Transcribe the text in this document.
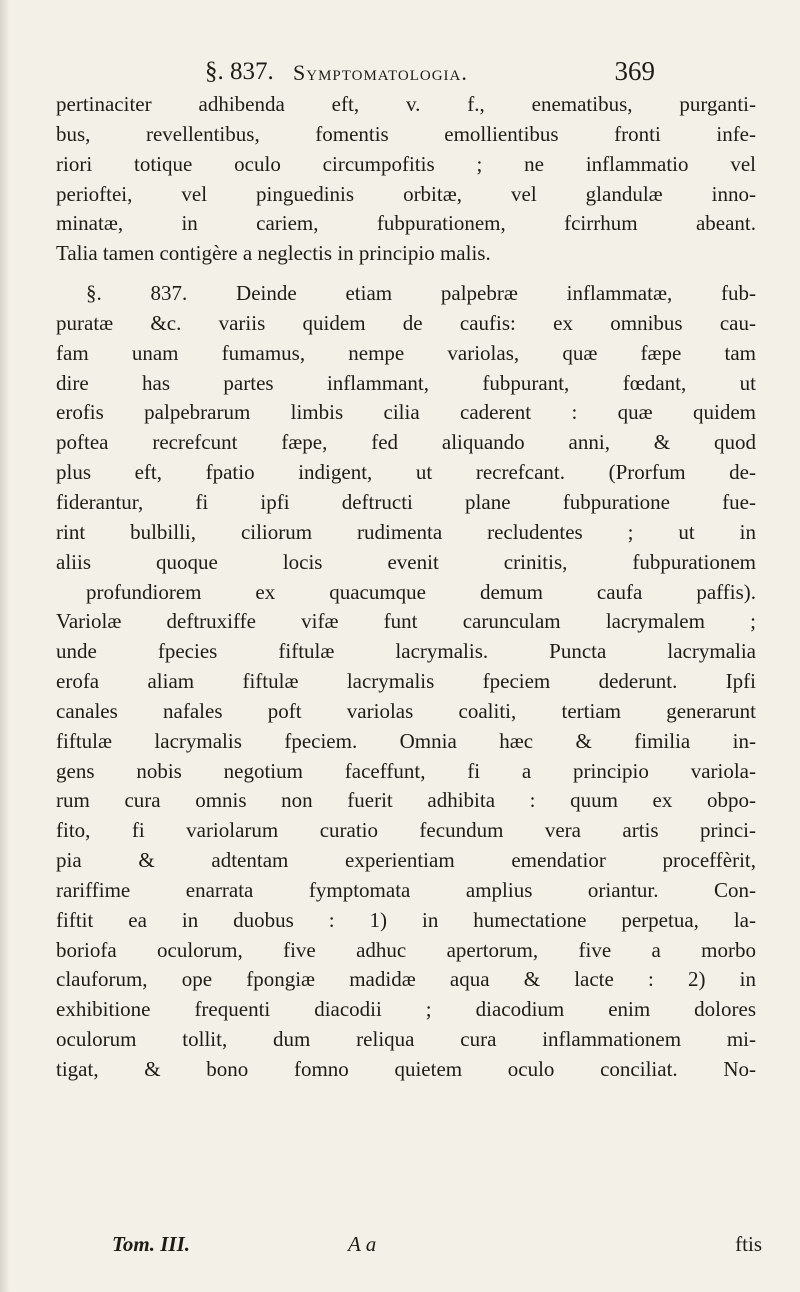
§. 837. Symptomatologia.	369
pertinaciter adhibenda eft, v. f., enematibus, purganti-
bus, revellentibus, fomentis emollientibus fronti infe-
riori totique oculo circumpofitis ; ne inflammatio vel
perioftei, vel pinguedinis orbitæ, vel glandulæ inno-
minatæ, in cariem, fubpurationem, fcirrhum abeant.
Talia tamen contigère a neglectis in principio malis.
§. 837. Deinde etiam palpebræ inflammatæ, fub-
puratæ &c. variis quidem de caufis: ex omnibus cau-
fam unam fumamus, nempe variolas, quæ fæpe tam
dire has partes inflammant, fubpurant, fœdant, ut
erofis palpebrarum limbis cilia caderent : quæ quidem
poftea recrefcunt fæpe, fed aliquando anni, & quod
plus eft, fpatio indigent, ut recrefcant. (Prorfum de-
fiderantur, fi ipfi deftructi plane fubpuratione fue-
rint bulbilli, ciliorum rudimenta recludentes ; ut in
aliis quoque locis evenit crinitis, fubpurationem
profundiorem ex quacumque demum caufa paffis).
Variolæ deftruxiffe vifæ funt carunculam lacrymalem ;
unde fpecies fiftulæ lacrymalis. Puncta lacrymalia
erofa aliam fiftulæ lacrymalis fpeciem dederunt. Ipfi
canales nafales poft variolas coaliti, tertiam generarunt
fiftulæ lacrymalis fpeciem. Omnia hæc & fimilia in-
gens nobis negotium faceffunt, fi a principio variola-
rum cura omnis non fuerit adhibita : quum ex obpo-
fito, fi variolarum curatio fecundum vera artis princi-
pia & adtentam experientiam emendatior proceffèrit,
rariffime enarrata fymptomata amplius oriantur. Con-
fiftit ea in duobus : 1) in humectatione perpetua, la-
boriofa oculorum, five adhuc apertorum, five a morbo
clauforum, ope fpongiæ madidæ aqua & lacte : 2) in
exhibitione frequenti diacodii ; diacodium enim dolores
oculorum tollit, dum reliqua cura inflammationem mi-
tigat, & bono fomno quietem oculo conciliat. No-
Tom. III.	A a	ftis
